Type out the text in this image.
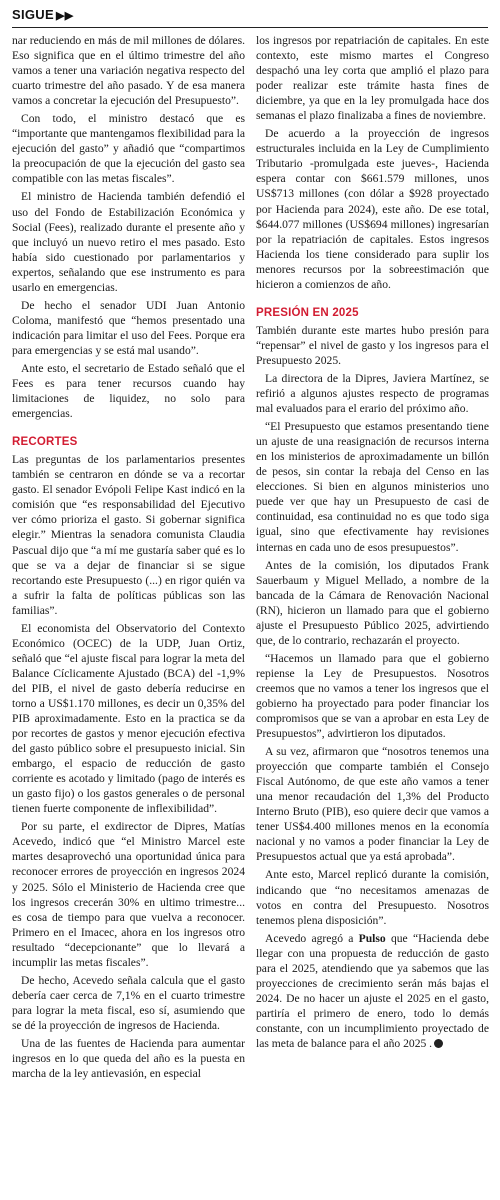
SIGUE ▶▶

nar reduciendo en más de mil millones de dólares. Eso significa que en el último trimestre del año vamos a tener una variación negativa respecto del cuarto trimestre del año pasado. Y de esa manera vamos a concretar la ejecución del Presupuesto”.

Con todo, el ministro destacó que es “importante que mantengamos flexibilidad para la ejecución del gasto” y añadió que “compartimos la preocupación de que la ejecución del gasto sea compatible con las metas fiscales”.

El ministro de Hacienda también defendió el uso del Fondo de Estabilización Económica y Social (Fees), realizado durante el presente año y que incluyó un nuevo retiro el mes pasado. Esto había sido cuestionado por parlamentarios y expertos, señalando que ese instrumento es para usarlo en emergencias.

De hecho el senador UDI Juan Antonio Coloma, manifestó que “hemos presentado una indicación para limitar el uso del Fees. Porque era para emergencias y se está mal usando”.

Ante esto, el secretario de Estado señaló que el Fees es para tener recursos cuando hay limitaciones de liquidez, no solo para emergencias.

RECORTES

Las preguntas de los parlamentarios presentes también se centraron en dónde se va a recortar gasto. El senador Evópoli Felipe Kast indicó en la comisión que “es responsabilidad del Ejecutivo ver cómo prioriza el gasto. Si gobernar significa elegir.” Mientras la senadora comunista Claudia Pascual dijo que “a mí me gustaría saber qué es lo que se va a dejar de financiar si se sigue recortando este Presupuesto (...) en rigor quién va a sufrir la falta de políticas públicas son las familias”.

El economista del Observatorio del Contexto Económico (OCEC) de la UDP, Juan Ortiz, señaló que “el ajuste fiscal para lograr la meta del Balance Cíclicamente Ajustado (BCA) del -1,9% del PIB, el nivel de gasto debería reducirse en torno a US$1.170 millones, es decir un 0,35% del PIB aproximadamente. Esto en la practica se da por recortes de gastos y menor ejecución efectiva del gasto público sobre el presupuesto inicial. Sin embargo, el espacio de reducción de gasto corriente es acotado y limitado (pago de interés es un gasto fijo) o los gastos generales o de personal tienen fuerte componente de inflexibilidad”.

Por su parte, el exdirector de Dipres, Matías Acevedo, indicó que “el Ministro Marcel este martes desaprovechó una oportunidad única para reconocer errores de proyección en ingresos 2024 y 2025. Sólo el Ministerio de Hacienda cree que los ingresos crecerán 30% en ultimo trimestre... es cosa de tiempo para que vuelva a reconocer. Primero en el Imacec, ahora en los ingresos otro resultado “decepcionante” que lo llevará a incumplir las metas fiscales”.

De hecho, Acevedo señala calcula que el gasto debería caer cerca de 7,1% en el cuarto trimestre para lograr la meta fiscal, eso sí, asumiendo que se dé la proyección de ingresos de Hacienda.

Una de las fuentes de Hacienda para aumentar ingresos en lo que queda del año es la puesta en marcha de la ley antievasión, en especial

los ingresos por repatriación de capitales. En este contexto, este mismo martes el Congreso despachó una ley corta que amplió el plazo para poder realizar este trámite hasta fines de diciembre, ya que en la ley promulgada hace dos semanas el plazo finalizaba a fines de noviembre.

De acuerdo a la proyección de ingresos estructurales incluida en la Ley de Cumplimiento Tributario -promulgada este jueves-, Hacienda espera contar con $661.579 millones, unos US$713 millones (con dólar a $928 proyectado por Hacienda para 2024), este año. De ese total, $644.077 millones (US$694 millones) ingresarían por la repatriación de capitales. Estos ingresos Hacienda los tiene considerado para suplir los menores recursos por la sobreestimación que hicieron a comienzos de año.

PRESIÓN EN 2025

También durante este martes hubo presión para “repensar” el nivel de gasto y los ingresos para el Presupuesto 2025.

La directora de la Dipres, Javiera Martínez, se refirió a algunos ajustes respecto de programas mal evaluados para el erario del próximo año.

“El Presupuesto que estamos presentando tiene un ajuste de una reasignación de recursos interna en los ministerios de aproximadamente un billón de pesos, sin contar la rebaja del Censo en las elecciones. Si bien en algunos ministerios uno puede ver que hay un Presupuesto de casi de continuidad, esa continuidad no es que todo siga igual, sino que efectivamente hay revisiones internas en cada uno de esos presupuestos”.

Antes de la comisión, los diputados Frank Sauerbaum y Miguel Mellado, a nombre de la bancada de la Cámara de Renovación Nacional (RN), hicieron un llamado para que el gobierno ajuste el Presupuesto Público 2025, advirtiendo que, de lo contrario, rechazarán el proyecto.

“Hacemos un llamado para que el gobierno repiense la Ley de Presupuestos. Nosotros creemos que no vamos a tener los ingresos que el gobierno ha proyectado para poder financiar los compromisos que se van a aprobar en esta Ley de Presupuestos”, advirtieron los diputados.

A su vez, afirmaron que “nosotros tenemos una proyección que comparte también el Consejo Fiscal Autónomo, de que este año vamos a tener una menor recaudación del 1,3% del Producto Interno Bruto (PIB), eso quiere decir que vamos a tener US$4.400 millones menos en la economía nacional y no vamos a poder financiar la Ley de Presupuestos actual que ya está aprobada”.

Ante esto, Marcel replicó durante la comisión, indicando que “no necesitamos amenazas de votos en contra del Presupuesto. Nosotros tenemos plena disposición”.

Acevedo agregó a Pulso que “Hacienda debe llegar con una propuesta de reducción de gasto para el 2025, atendiendo que ya sabemos que las proyecciones de crecimiento serán más bajas el 2024. De no hacer un ajuste el 2025 en el gasto, partiría el primero de enero, todo lo demás constante, con un incumplimiento proyectado de las meta de balance para el año 2025 .
